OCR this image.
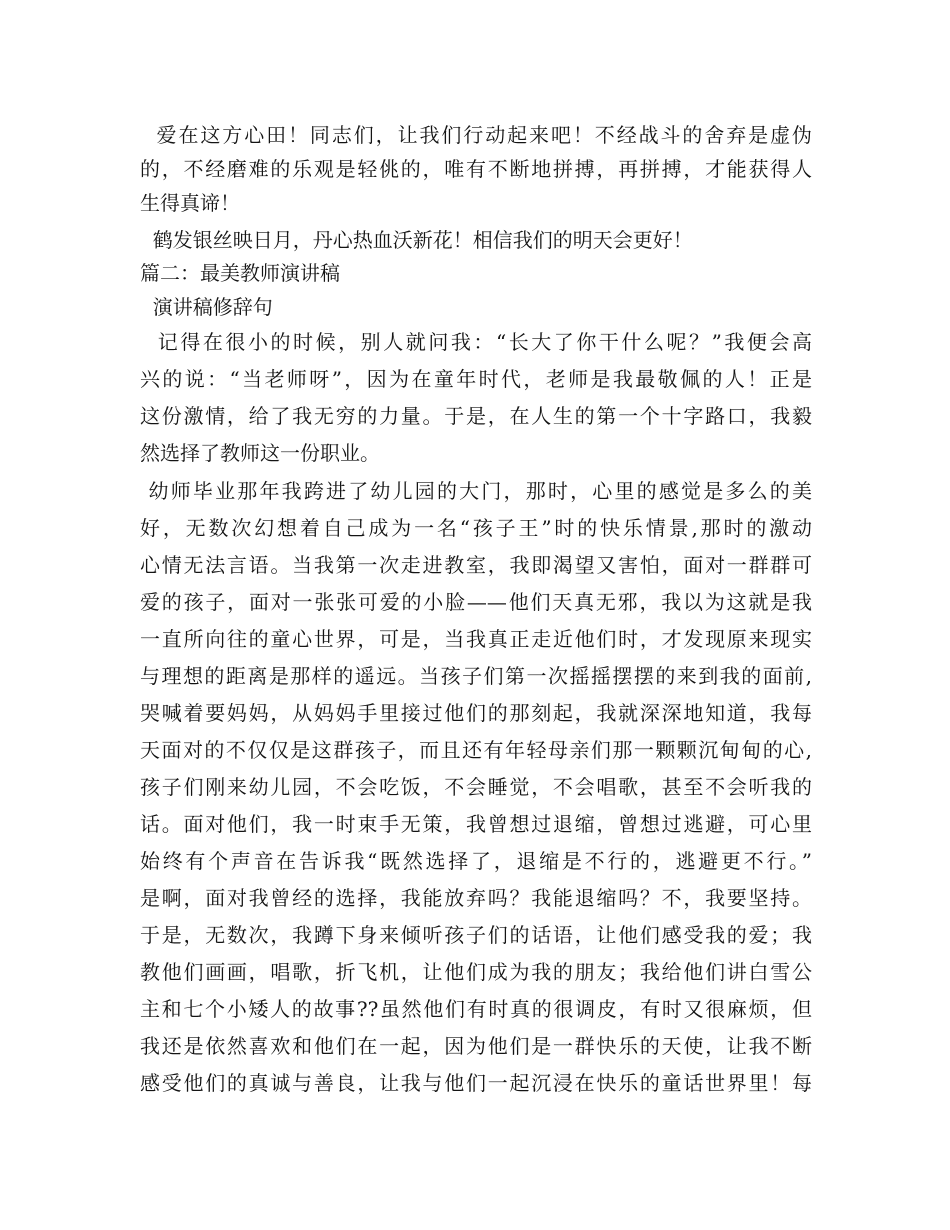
爱在这方心田！同志们，让我们行动起来吧！不经战斗的舍弃是虚伪
的，不经磨难的乐观是轻佻的，唯有不断地拼搏，再拼搏，才能获得人
生得真谛！
鹤发银丝映日月，丹心热血沃新花！相信我们的明天会更好！
篇二：最美教师演讲稿
演讲稿修辞句
记得在很小的时候，别人就问我：“长大了你干什么呢？”我便会高
兴的说：“当老师呀”，因为在童年时代，老师是我最敬佩的人！正是
这份激情，给了我无穷的力量。于是，在人生的第一个十字路口，我毅
然选择了教师这一份职业。
幼师毕业那年我跨进了幼儿园的大门，那时，心里的感觉是多么的美
好，无数次幻想着自己成为一名“孩子王”时的快乐情景,那时的激动
心情无法言语。当我第一次走进教室，我即渴望又害怕，面对一群群可
爱的孩子，面对一张张可爱的小脸——他们天真无邪，我以为这就是我
一直所向往的童心世界，可是，当我真正走近他们时，才发现原来现实
与理想的距离是那样的遥远。当孩子们第一次摇摇摆摆的来到我的面前,
哭喊着要妈妈，从妈妈手里接过他们的那刻起，我就深深地知道，我每
天面对的不仅仅是这群孩子，而且还有年轻母亲们那一颗颗沉甸甸的心,
孩子们刚来幼儿园，不会吃饭，不会睡觉，不会唱歌，甚至不会听我的
话。面对他们，我一时束手无策，我曾想过退缩，曾想过逃避，可心里
始终有个声音在告诉我“既然选择了，退缩是不行的，逃避更不行。”
是啊，面对我曾经的选择，我能放弃吗？我能退缩吗？不，我要坚持。
于是，无数次，我蹲下身来倾听孩子们的话语，让他们感受我的爱；我
教他们画画，唱歌，折飞机，让他们成为我的朋友；我给他们讲白雪公
主和七个小矮人的故事??虽然他们有时真的很调皮，有时又很麻烦，但
我还是依然喜欢和他们在一起，因为他们是一群快乐的天使，让我不断
感受他们的真诚与善良，让我与他们一起沉浸在快乐的童话世界里！每
